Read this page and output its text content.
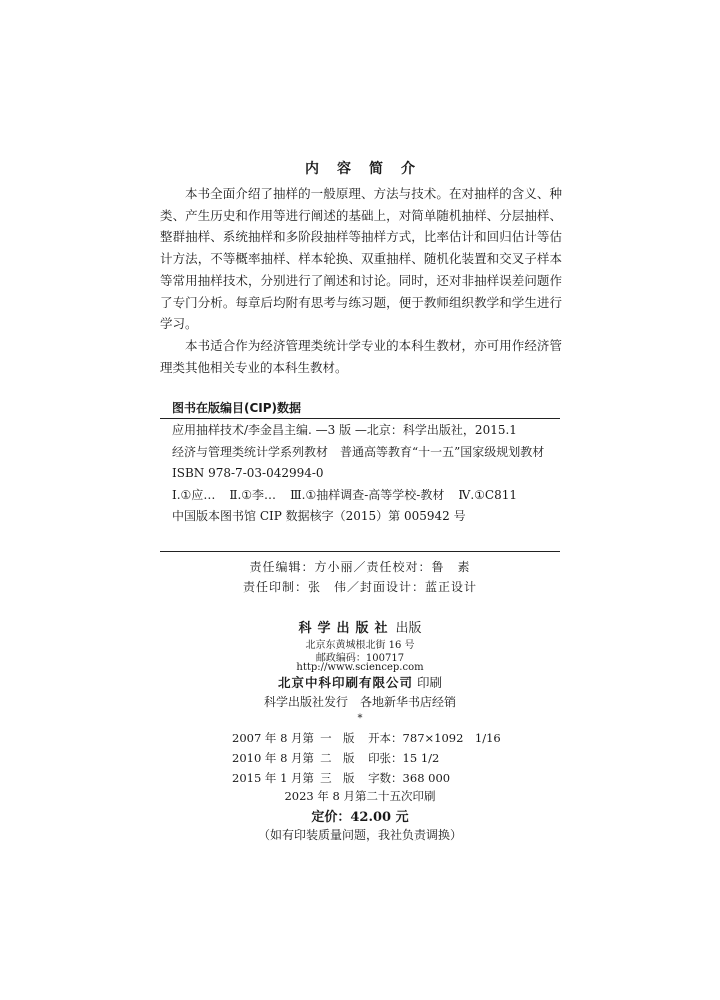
内容简介

本书全面介绍了抽样的一般原理、方法与技术。在对抽样的含义、种类、产生历史和作用等进行阐述的基础上，对简单随机抽样、分层抽样、整群抽样、系统抽样和多阶段抽样等抽样方式，比率估计和回归估计等估计方法，不等概率抽样、样本轮换、双重抽样、随机化装置和交叉子样本等常用抽样技术，分别进行了阐述和讨论。同时，还对非抽样误差问题作了专门分析。每章后均附有思考与练习题，便于教师组织教学和学生进行学习。

本书适合作为经济管理类统计学专业的本科生教材，亦可用作经济管理类其他相关专业的本科生教材。

图书在版编目(CIP)数据

应用抽样技术/李金昌主编. —3 版 —北京：科学出版社，2015.1

经济与管理类统计学系列教材　普通高等教育“十一五”国家级规划教材

ISBN 978-7-03-042994-0

Ⅰ.①应… Ⅱ.①李… Ⅲ.①抽样调查-高等学校-教材 Ⅳ.①C811

中国版本图书馆 CIP 数据核字（2015）第 005942 号

责任编辑：方小丽／责任校对：鲁　素
责任印制：张　伟／封面设计：蓝正设计
科学出版社 出版
北京东黄城根北街 16 号
邮政编码：100717
http://www.sciencep.com
北京中科印刷有限公司 印刷
科学出版社发行　各地新华书店经销
*
2007 年 8 月第 一　版 开本：787×1092　1/16
2010 年 8 月第 二　版 印张：15 1/2
2015 年 1 月第 三　版 字数：368 000
2023 年 8 月第二十五次印刷
定价：42.00 元
（如有印装质量问题，我社负责调换）
